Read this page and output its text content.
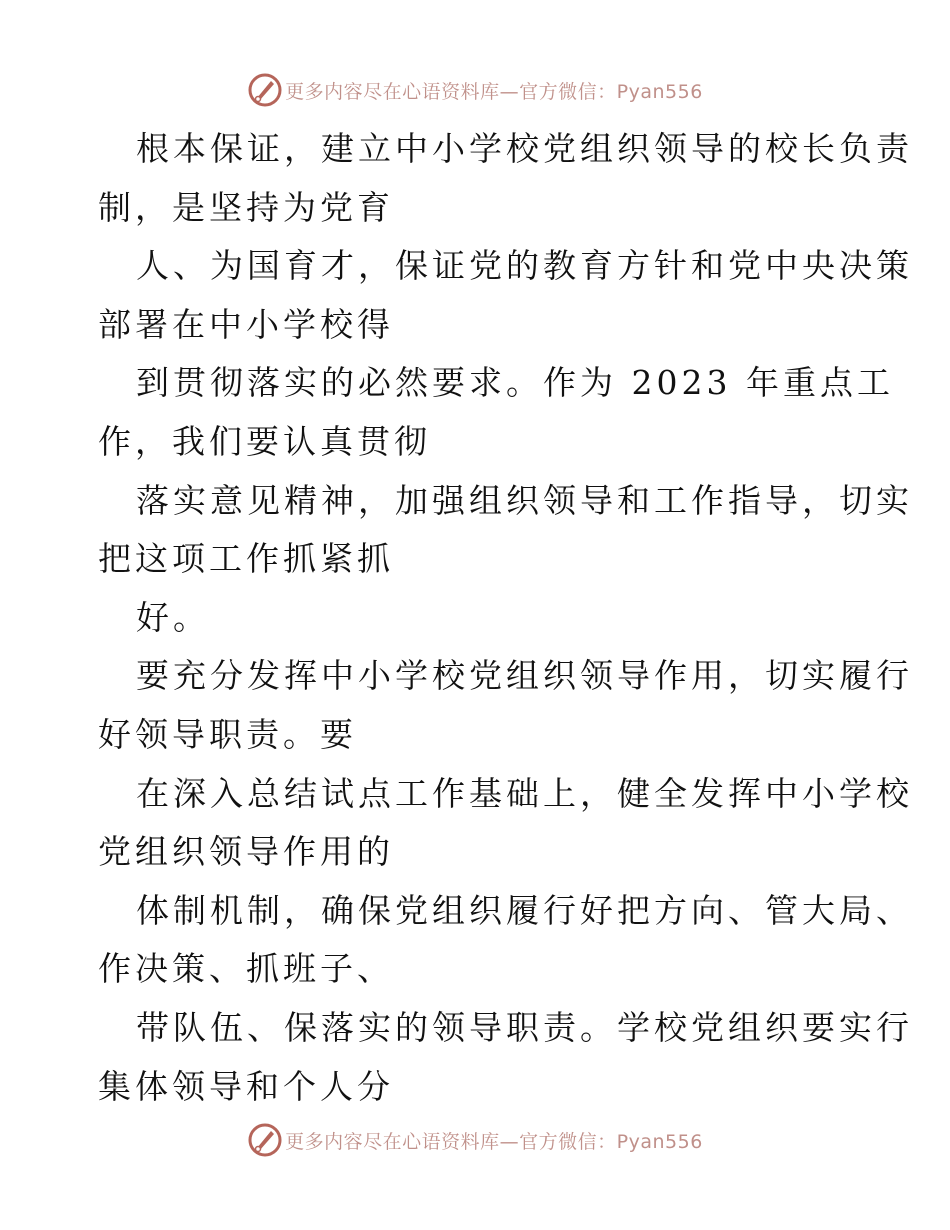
更多内容尽在心语资料库—官方微信：Pyan556
根本保证，建立中小学校党组织领导的校长负责
制，是坚持为党育
人、为国育才，保证党的教育方针和党中央决策
部署在中小学校得
到贯彻落实的必然要求。作为 2023 年重点工
作，我们要认真贯彻
落实意见精神，加强组织领导和工作指导，切实
把这项工作抓紧抓
好。
要充分发挥中小学校党组织领导作用，切实履行
好领导职责。要
在深入总结试点工作基础上，健全发挥中小学校
党组织领导作用的
体制机制，确保党组织履行好把方向、管大局、
作决策、抓班子、
带队伍、保落实的领导职责。学校党组织要实行
集体领导和个人分
更多内容尽在心语资料库—官方微信：Pyan556
